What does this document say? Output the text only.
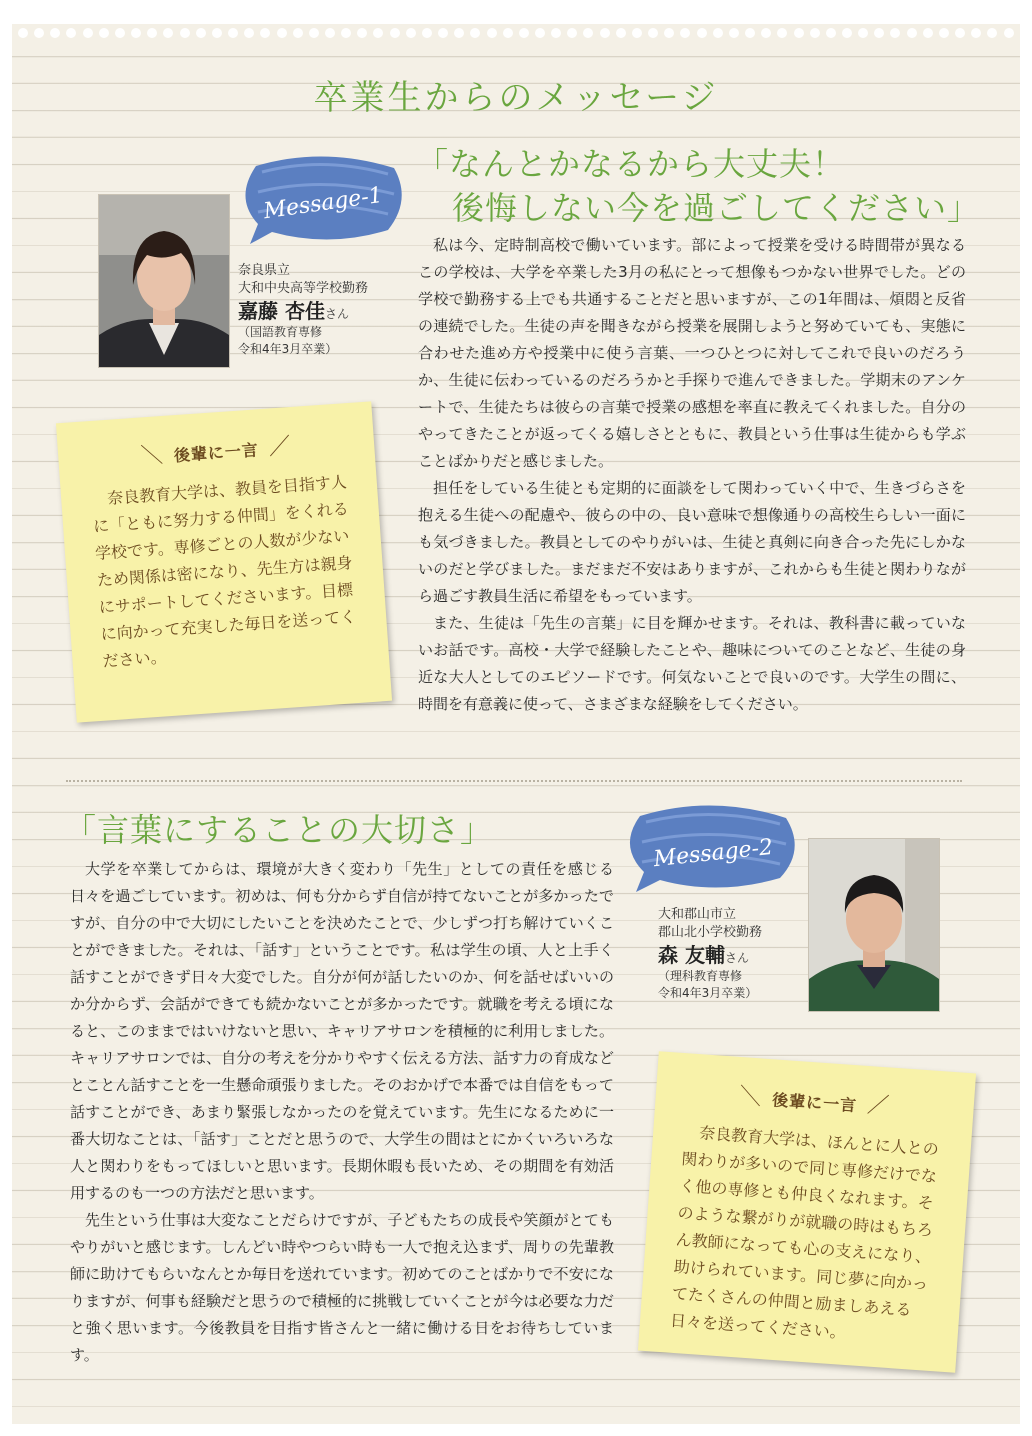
卒業生からのメッセージ
Message-1
「なんとかなるから大丈夫！
後悔しない今を過ごしてください」
奈良県立
大和中央高等学校勤務
嘉藤 杏佳さん
（国語教育専修
令和4年3月卒業）

私は今、定時制高校で働いています。部によって授業を受ける時間帯が異なるこの学校は、大学を卒業した3月の私にとって想像もつかない世界でした。どの学校で勤務する上でも共通することだと思いますが、この1年間は、煩悶と反省の連続でした。生徒の声を聞きながら授業を展開しようと努めていても、実態に合わせた進め方や授業中に使う言葉、一つひとつに対してこれで良いのだろうか、生徒に伝わっているのだろうかと手探りで進んできました。学期末のアンケートで、生徒たちは彼らの言葉で授業の感想を率直に教えてくれました。自分のやってきたことが返ってくる嬉しさとともに、教員という仕事は生徒からも学ぶことばかりだと感じました。

担任をしている生徒とも定期的に面談をして関わっていく中で、生きづらさを抱える生徒への配慮や、彼らの中の、良い意味で想像通りの高校生らしい一面にも気づきました。教員としてのやりがいは、生徒と真剣に向き合った先にしかないのだと学びました。まだまだ不安はありますが、これからも生徒と関わりながら過ごす教員生活に希望をもっています。

また、生徒は「先生の言葉」に目を輝かせます。それは、教科書に載っていないお話です。高校・大学で経験したことや、趣味についてのことなど、生徒の身近な大人としてのエピソードです。何気ないことで良いのです。大学生の間に、時間を有意義に使って、さまざまな経験をしてください。

＼ 後輩に一言 ／
奈良教育大学は、教員を目指す人に「ともに努力する仲間」をくれる学校です。専修ごとの人数が少ないため関係は密になり、先生方は親身にサポートしてくださいます。目標に向かって充実した毎日を送ってください。
「言葉にすることの大切さ」
Message-2
大和郡山市立
郡山北小学校勤務
森 友輔さん
（理科教育専修
令和4年3月卒業）

大学を卒業してからは、環境が大きく変わり「先生」としての責任を感じる日々を過ごしています。初めは、何も分からず自信が持てないことが多かったですが、自分の中で大切にしたいことを決めたことで、少しずつ打ち解けていくことができました。それは、「話す」ということです。私は学生の頃、人と上手く話すことができず日々大変でした。自分が何が話したいのか、何を話せばいいのか分からず、会話ができても続かないことが多かったです。就職を考える頃になると、このままではいけないと思い、キャリアサロンを積極的に利用しました。キャリアサロンでは、自分の考えを分かりやすく伝える方法、話す力の育成などとことん話すことを一生懸命頑張りました。そのおかげで本番では自信をもって話すことができ、あまり緊張しなかったのを覚えています。先生になるために一番大切なことは、「話す」ことだと思うので、大学生の間はとにかくいろいろな人と関わりをもってほしいと思います。長期休暇も長いため、その期間を有効活用するのも一つの方法だと思います。

先生という仕事は大変なことだらけですが、子どもたちの成長や笑顔がとてもやりがいと感じます。しんどい時やつらい時も一人で抱え込まず、周りの先輩教師に助けてもらいなんとか毎日を送れています。初めてのことばかりで不安になりますが、何事も経験だと思うので積極的に挑戦していくことが今は必要な力だと強く思います。今後教員を目指す皆さんと一緒に働ける日をお待ちしています。

＼ 後輩に一言 ／
奈良教育大学は、ほんとに人との関わりが多いので同じ専修だけでなく他の専修とも仲良くなれます。そのような繋がりが就職の時はもちろん教師になっても心の支えになり、助けられています。同じ夢に向かってたくさんの仲間と励ましあえる日々を送ってください。
